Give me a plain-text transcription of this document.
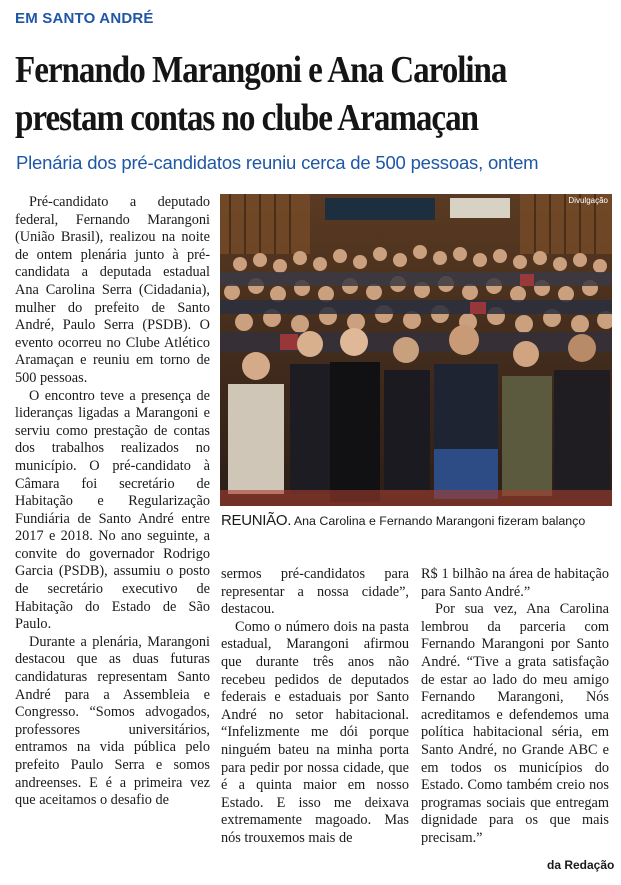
EM SANTO ANDRÉ
Fernando Marangoni e Ana Carolina
prestam contas no clube Aramaçan
Plenária dos pré-candidatos reuniu cerca de 500 pessoas, ontem

Pré-candidato a deputado federal, Fernando Marangoni (União Brasil), realizou na noite de ontem plenária junto à pré-candidata a deputada estadual Ana Carolina Serra (Cidadania), mulher do prefeito de Santo André, Paulo Serra (PSDB). O evento ocorreu no Clube Atlético Aramaçan e reuniu em torno de 500 pessoas.

O encontro teve a presença de lideranças ligadas a Marangoni e serviu como prestação de contas dos trabalhos realizados no município. O pré-candidato à Câmara foi secretário de Habitação e Regularização Fundiária de Santo André entre 2017 e 2018. No ano seguinte, a convite do governador Rodrigo Garcia (PSDB), assumiu o posto de secretário executivo de Habitação do Estado de São Paulo.

Durante a plenária, Marangoni destacou que as duas futuras candidaturas representam Santo André para a Assembleia e Congresso. “Somos advogados, professores universitários, entramos na vida pública pelo prefeito Paulo Serra e somos andreenses. E é a primeira vez que aceitamos o desafio de

Divulgação
REUNIÃO. Ana Carolina e Fernando Marangoni fizeram balanço

sermos pré-candidatos para representar a nossa cidade”, destacou.

Como o número dois na pasta estadual, Marangoni afirmou que durante três anos não recebeu pedidos de deputados federais e estaduais por Santo André no setor habitacional. “Infelizmente me dói porque ninguém bateu na minha porta para pedir por nossa cidade, que é a quinta maior em nosso Estado. E isso me deixava extremamente magoado. Mas nós trouxemos mais de

R$ 1 bilhão na área de habitação para Santo André.”

Por sua vez, Ana Carolina lembrou da parceria com Fernando Marangoni por Santo André. “Tive a grata satisfação de estar ao lado do meu amigo Fernando Marangoni, Nós acreditamos e defendemos uma política habitacional séria, em Santo André, no Grande ABC e em todos os municípios do Estado. Como também creio nos programas sociais que entregam dignidade para os que mais precisam.”

da Redação
